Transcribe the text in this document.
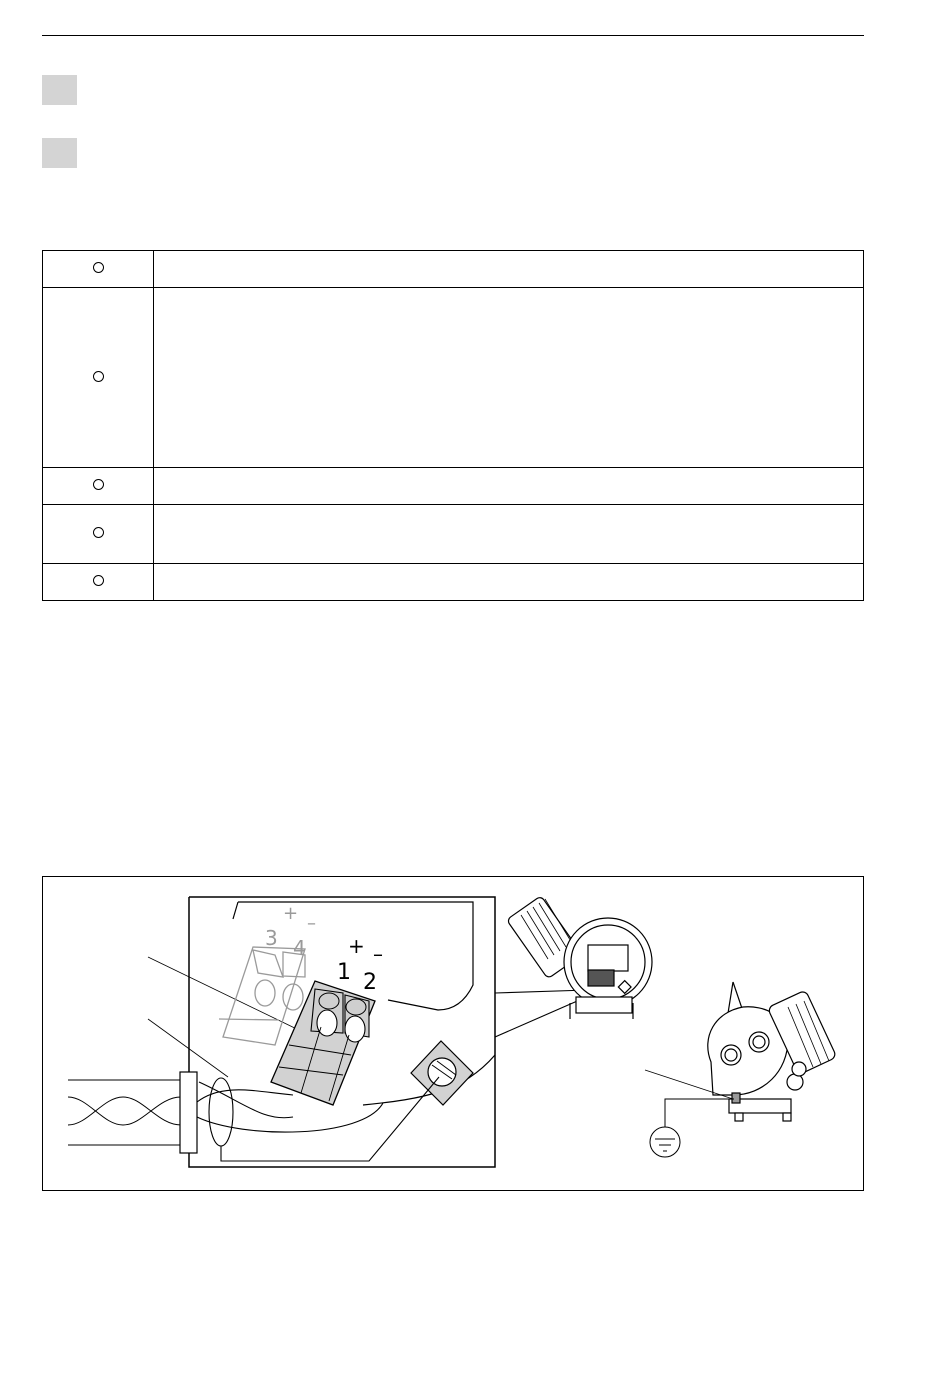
3 4
+ –
1 2
+ –
